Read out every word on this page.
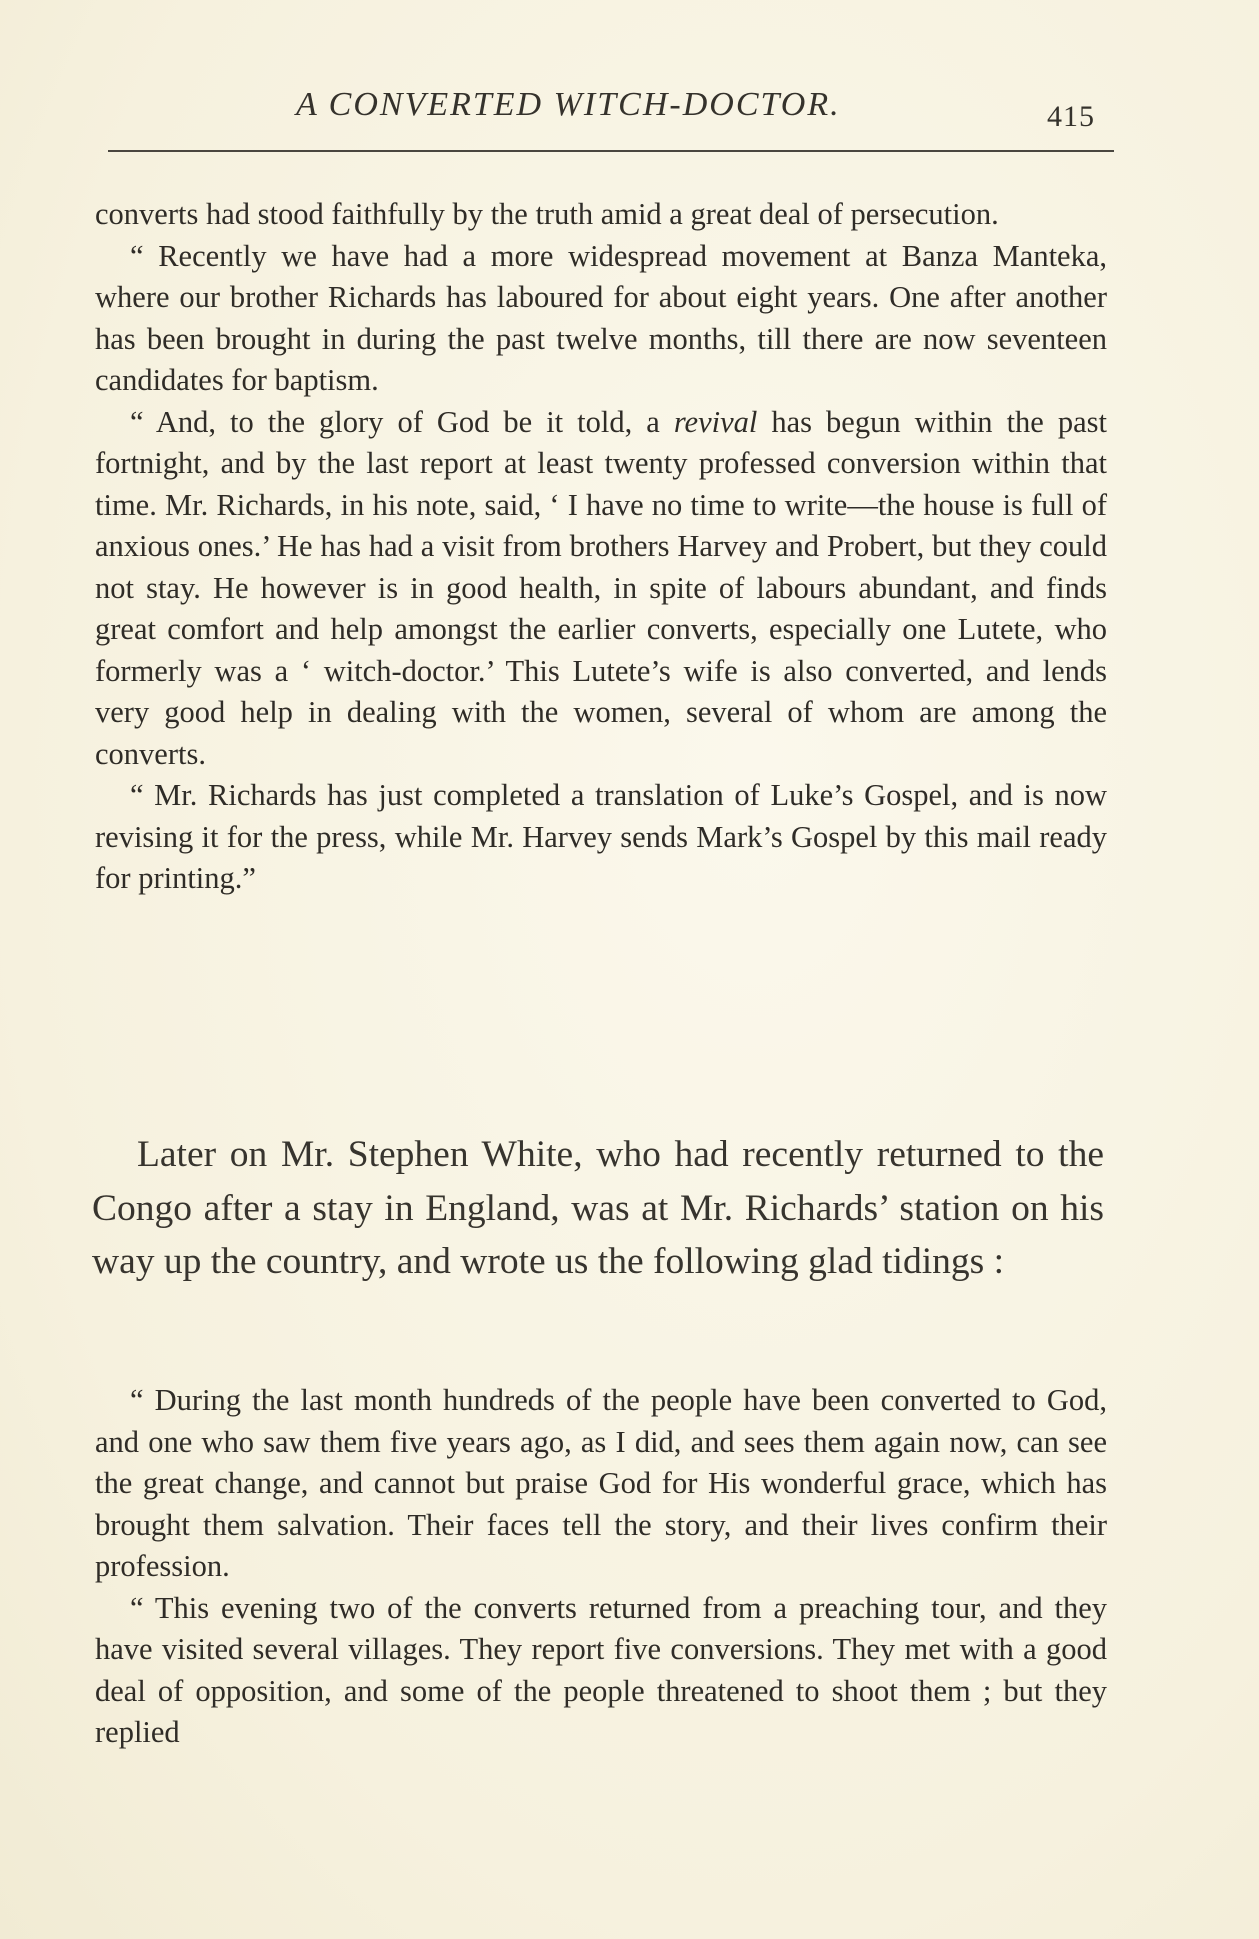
A CONVERTED WITCH-DOCTOR.	415

converts had stood faithfully by the truth amid a great deal of persecution.

“ Recently we have had a more widespread movement at Banza Manteka, where our brother Richards has laboured for about eight years. One after another has been brought in during the past twelve months, till there are now seventeen candidates for baptism.

“ And, to the glory of God be it told, a revival has begun within the past fortnight, and by the last report at least twenty professed conversion within that time. Mr. Richards, in his note, said, ‘ I have no time to write—the house is full of anxious ones.’ He has had a visit from brothers Harvey and Probert, but they could not stay. He however is in good health, in spite of labours abundant, and finds great comfort and help amongst the earlier converts, especially one Lutete, who formerly was a ‘ witch-doctor.’ This Lutete’s wife is also converted, and lends very good help in dealing with the women, several of whom are among the converts.

“ Mr. Richards has just completed a translation of Luke’s Gospel, and is now revising it for the press, while Mr. Harvey sends Mark’s Gospel by this mail ready for printing.”

Later on Mr. Stephen White, who had recently returned to the Congo after a stay in England, was at Mr. Richards’ station on his way up the country, and wrote us the following glad tidings :

“ During the last month hundreds of the people have been converted to God, and one who saw them five years ago, as I did, and sees them again now, can see the great change, and cannot but praise God for His wonderful grace, which has brought them salvation. Their faces tell the story, and their lives confirm their profession.

“ This evening two of the converts returned from a preaching tour, and they have visited several villages. They report five conversions. They met with a good deal of opposition, and some of the people threatened to shoot them ; but they replied
